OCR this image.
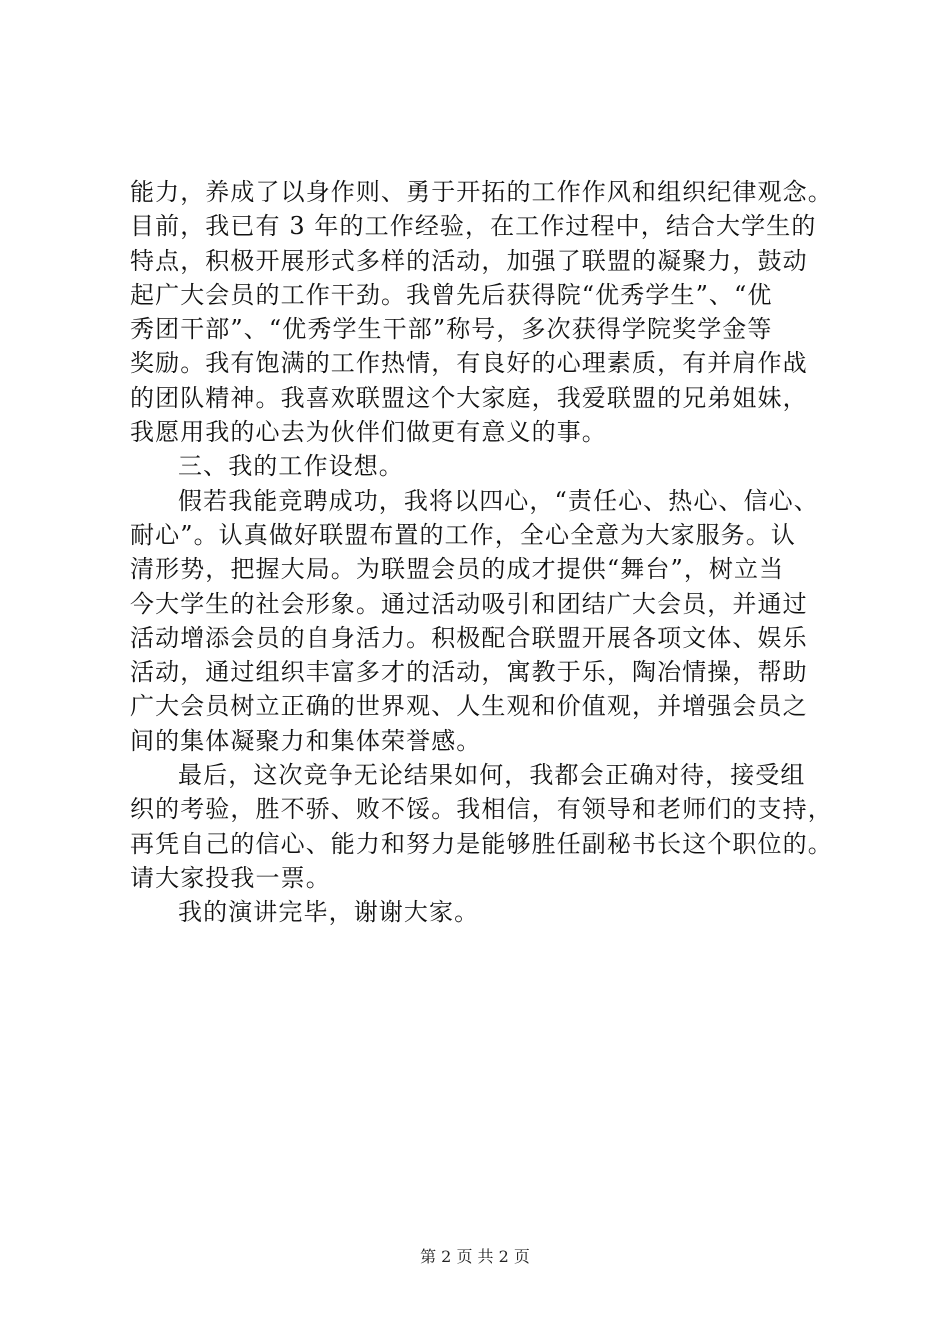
能力，养成了以身作则、勇于开拓的工作作风和组织纪律观念。
目前，我已有 3 年的工作经验，在工作过程中，结合大学生的
特点，积极开展形式多样的活动，加强了联盟的凝聚力，鼓动
起广大会员的工作干劲。我曾先后获得院“优秀学生”、“优
秀团干部”、“优秀学生干部”称号，多次获得学院奖学金等
奖励。我有饱满的工作热情，有良好的心理素质，有并肩作战
的团队精神。我喜欢联盟这个大家庭，我爱联盟的兄弟姐妹，
我愿用我的心去为伙伴们做更有意义的事。
三、我的工作设想。
假若我能竞聘成功，我将以四心，“责任心、热心、信心、
耐心”。认真做好联盟布置的工作，全心全意为大家服务。认
清形势，把握大局。为联盟会员的成才提供“舞台”，树立当
今大学生的社会形象。通过活动吸引和团结广大会员，并通过
活动增添会员的自身活力。积极配合联盟开展各项文体、娱乐
活动，通过组织丰富多才的活动，寓教于乐，陶冶情操，帮助
广大会员树立正确的世界观、人生观和价值观，并增强会员之
间的集体凝聚力和集体荣誉感。
最后，这次竞争无论结果如何，我都会正确对待，接受组
织的考验，胜不骄、败不馁。我相信，有领导和老师们的支持，
再凭自己的信心、能力和努力是能够胜任副秘书长这个职位的。
请大家投我一票。
我的演讲完毕，谢谢大家。
第 2 页 共 2 页
